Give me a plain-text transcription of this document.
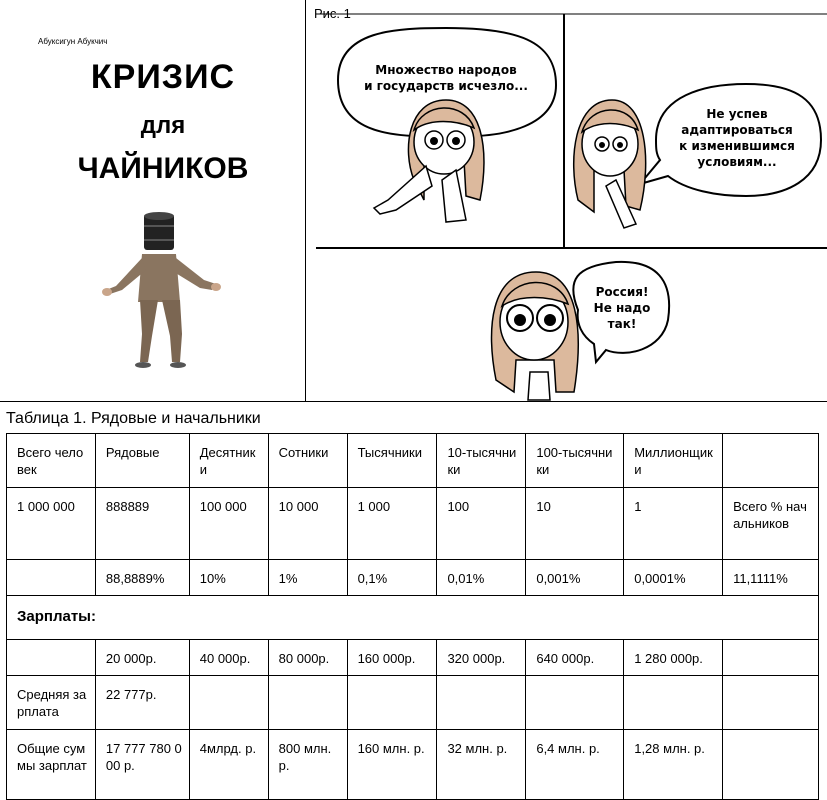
Абуксигун Абукчич
КРИЗИС
для
ЧАЙНИКОВ
Рис. 1
Множество народов
и государств исчезло...
Не успев
адаптироваться
к изменившимся
условиям...
Россия!
Не надо
так!
Таблица 1. Рядовые и начальники
Всего человек	Рядовые	Десятники	Сотники	Тысячники	10-тысячники	100-тысячники	Миллионщики	
1 000 000	888889	100 000	10 000	1 000	100	10	1	Всего % начальников
	88,8889%	10%	1%	0,1%	0,01%	0,001%	0,0001%	11,1111%
Зарплаты:								
	20 000р.	40 000р.	80 000р.	160 000р.	320 000р.	640 000р.	1 280 000р.	
Средняя зарплата	22 777р.							
Общие суммы зарплат	17 777 780 000 р.	4млрд. р.	800 млн. р.	160 млн. р.	32 млн. р.	6,4 млн. р.	1,28 млн. р.	
